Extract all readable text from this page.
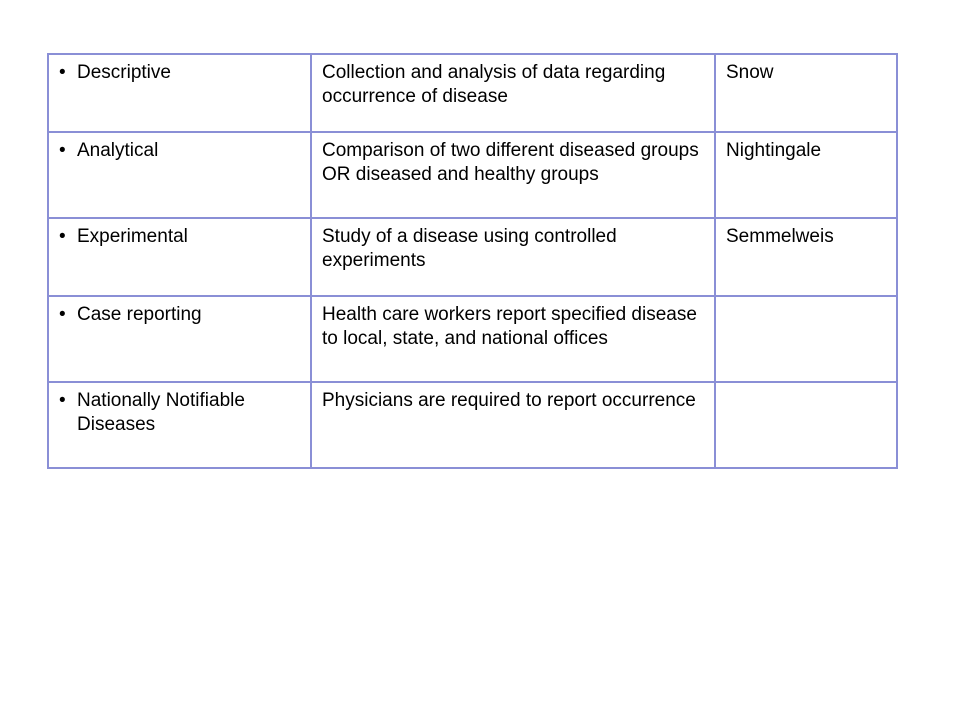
• Descriptive	Collection and analysis of data regarding occurrence of disease	Snow

• Analytical	Comparison of two different diseased groups OR diseased and healthy groups	Nightingale

• Experimental	Study of a disease using controlled experiments	Semmelweis

• Case reporting	Health care workers report specified disease to local, state, and national offices	

• Nationally Notifiable Diseases	Physicians are required to report occurrence	
